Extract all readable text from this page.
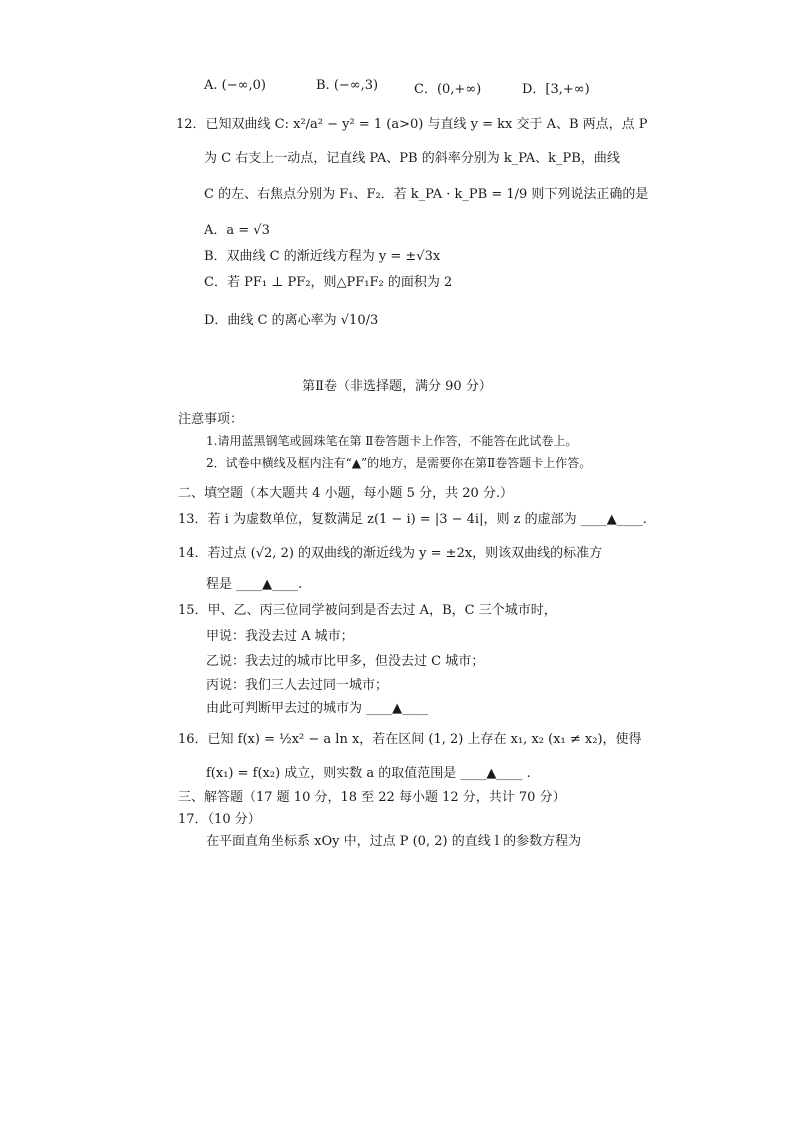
A. (−∞,0)	B. (−∞,3)	C．(0,+∞)	D．[3,+∞)
12．已知双曲线 C: x²/a² − y² = 1 (a>0) 与直线 y = kx 交于 A、B 两点，点 P
为 C 右支上一动点，记直线 PA、PB 的斜率分别为 k_PA、k_PB，曲线
C 的左、右焦点分别为 F₁、F₂．若 k_PA · k_PB = 1/9 则下列说法正确的是
A．a = √3
B．双曲线 C 的渐近线方程为 y = ±√3x
C．若 PF₁ ⊥ PF₂，则△PF₁F₂ 的面积为 2
D．曲线 C 的离心率为 √10/3
第Ⅱ卷（非选择题，满分 90 分）
注意事项：
1.请用蓝黑钢笔或圆珠笔在第 Ⅱ卷答题卡上作答，不能答在此试卷上。
2．试卷中横线及框内注有“▲”的地方，是需要你在第Ⅱ卷答题卡上作答。
二、填空题（本大题共 4 小题，每小题 5 分，共 20 分.）
13．若 i 为虚数单位，复数满足 z(1 − i) = |3 − 4i|，则 z 的虚部为 ____▲____.
14．若过点 (√2, 2) 的双曲线的渐近线为 y = ±2x，则该双曲线的标准方
程是 ____▲____.
15．甲、乙、丙三位同学被问到是否去过 A，B，C 三个城市时，
甲说：我没去过 A 城市；
乙说：我去过的城市比甲多，但没去过 C 城市；
丙说：我们三人去过同一城市；
由此可判断甲去过的城市为 ____▲____
16．已知 f(x) = ½x² − a ln x，若在区间 (1, 2) 上存在 x₁, x₂ (x₁ ≠ x₂)，使得
f(x₁) = f(x₂) 成立，则实数 a 的取值范围是 ____▲____ .
三、解答题（17 题 10 分，18 至 22 每小题 12 分，共计 70 分）
17．（10 分）
在平面直角坐标系 xOy 中，过点 P (0, 2) 的直线 l 的参数方程为
